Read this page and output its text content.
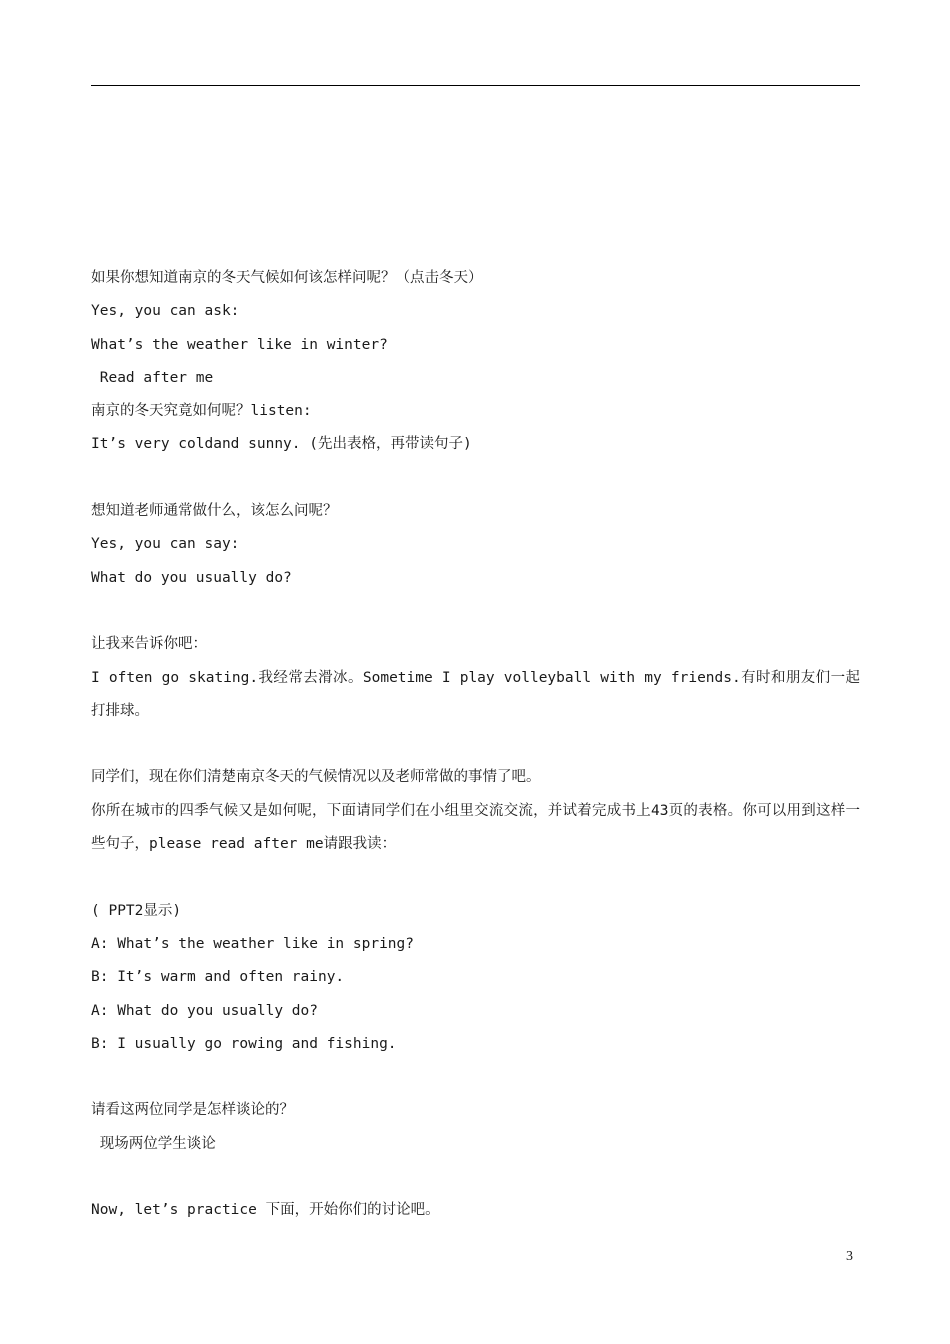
如果你想知道南京的冬天气候如何该怎样问呢？（点击冬天）
Yes, you can ask:
What’s the weather like in winter?
Read after me
南京的冬天究竟如何呢？listen:
It’s very coldand sunny. (先出表格，再带读句子)
想知道老师通常做什么，该怎么问呢？
Yes, you can say:
What do you usually do?
让我来告诉你吧：
I often go skating.我经常去滑冰。Sometime I play volleyball with my friends.有时和朋友们一起打排球。
同学们，现在你们清楚南京冬天的气候情况以及老师常做的事情了吧。
你所在城市的四季气候又是如何呢，下面请同学们在小组里交流交流，并试着完成书上43页的表格。你可以用到这样一些句子，please read after me请跟我读：
( PPT2显示)
A: What’s the weather like in spring?
B: It’s warm and often rainy.
A: What do you usually do?
B: I usually go rowing and fishing.
请看这两位同学是怎样谈论的？
现场两位学生谈论
Now, let’s practice 下面，开始你们的讨论吧。
3
